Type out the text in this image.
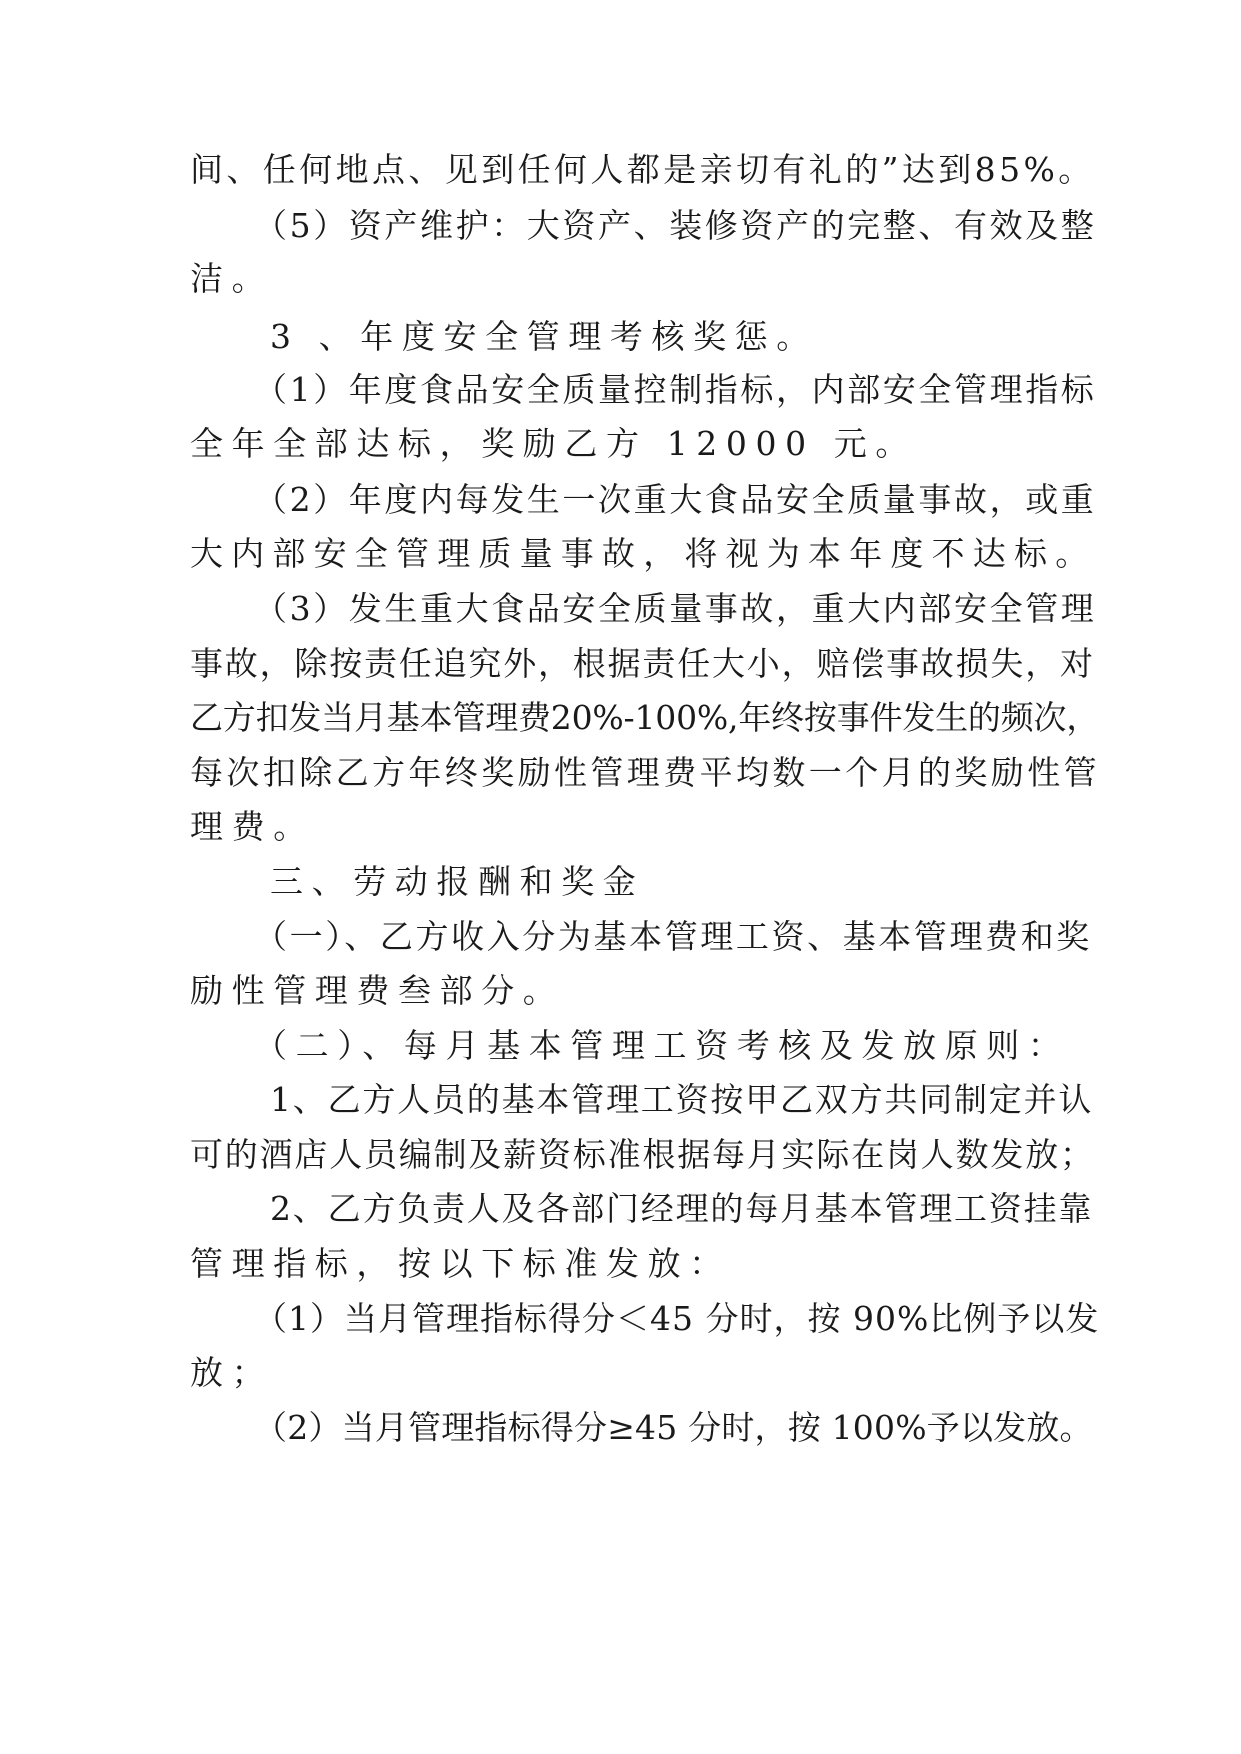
间、任何地点、见到任何人都是亲切有礼的”达到85%。
（5）资产维护：大资产、装修资产的完整、有效及整
洁。
3 、年度安全管理考核奖惩。
（1）年度食品安全质量控制指标，内部安全管理指标
全年全部达标，奖励乙方 12000 元。
（2）年度内每发生一次重大食品安全质量事故，或重
大内部安全管理质量事故，将视为本年度不达标。
（3）发生重大食品安全质量事故，重大内部安全管理
事故，除按责任追究外，根据责任大小，赔偿事故损失，对
乙方扣发当月基本管理费20%-100%,年终按事件发生的频次，
每次扣除乙方年终奖励性管理费平均数一个月的奖励性管
理费。
三、劳动报酬和奖金
（一）、乙方收入分为基本管理工资、基本管理费和奖
励性管理费叁部分。
（二）、每月基本管理工资考核及发放原则：
1、乙方人员的基本管理工资按甲乙双方共同制定并认
可的酒店人员编制及薪资标准根据每月实际在岗人数发放；
2、乙方负责人及各部门经理的每月基本管理工资挂靠
管理指标，按以下标准发放：
（1）当月管理指标得分＜45 分时，按 90%比例予以发
放；
（2）当月管理指标得分≥45 分时，按 100%予以发放。
